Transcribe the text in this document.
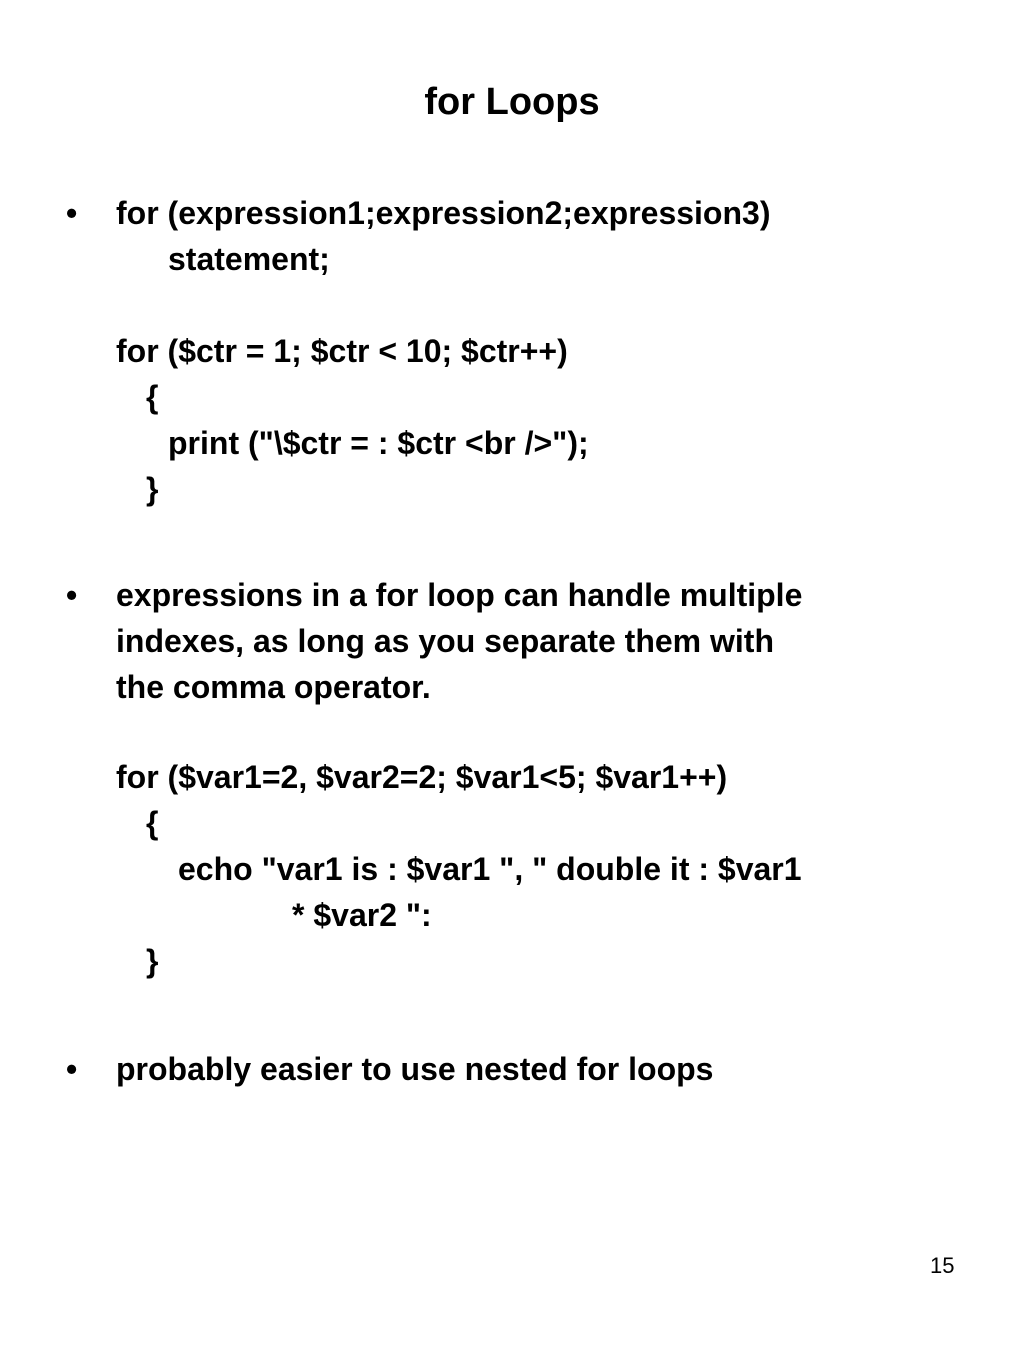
for Loops
• for (expression1;expression2;expression3)
statement;
for ($ctr = 1; $ctr < 10; $ctr++)
{
print ("\$ctr = : $ctr <br />");
}
• expressions in a for loop can handle multiple
indexes, as long as you separate them with
the comma operator.
for ($var1=2, $var2=2; $var1<5; $var1++)
{
echo "var1 is : $var1 ", " double it : $var1
* $var2 ":
}
• probably easier to use nested for loops
15
